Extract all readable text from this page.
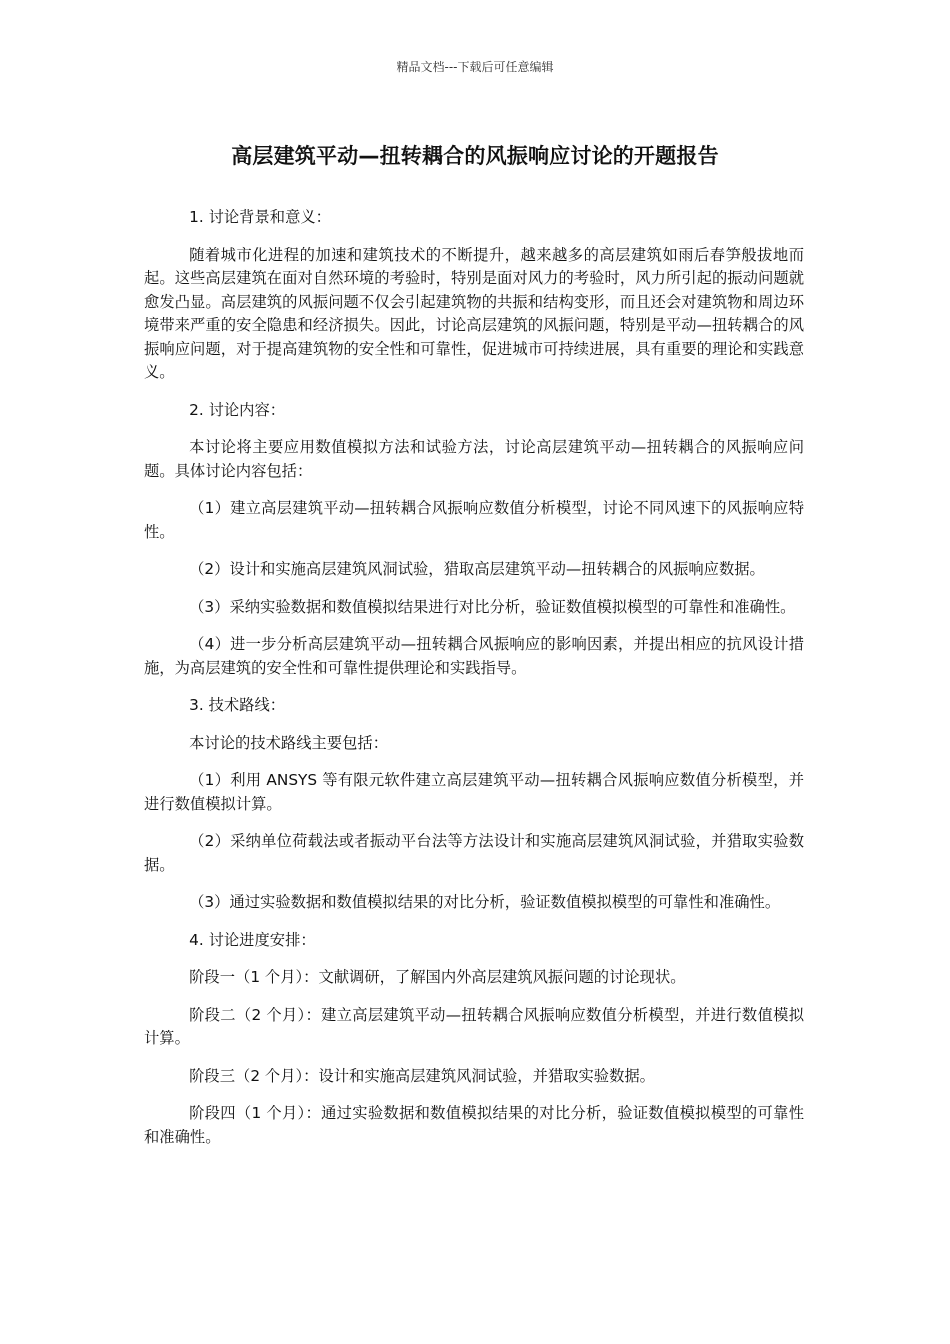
精品文档---下载后可任意编辑
高层建筑平动—扭转耦合的风振响应讨论的开题报告

1. 讨论背景和意义：

随着城市化进程的加速和建筑技术的不断提升，越来越多的高层建筑如雨后春笋般拔地而起。这些高层建筑在面对自然环境的考验时，特别是面对风力的考验时，风力所引起的振动问题就愈发凸显。高层建筑的风振问题不仅会引起建筑物的共振和结构变形，而且还会对建筑物和周边环境带来严重的安全隐患和经济损失。因此，讨论高层建筑的风振问题，特别是平动—扭转耦合的风振响应问题，对于提高建筑物的安全性和可靠性，促进城市可持续进展，具有重要的理论和实践意义。

2. 讨论内容：

本讨论将主要应用数值模拟方法和试验方法，讨论高层建筑平动—扭转耦合的风振响应问题。具体讨论内容包括：

（1）建立高层建筑平动—扭转耦合风振响应数值分析模型，讨论不同风速下的风振响应特性。

（2）设计和实施高层建筑风洞试验，猎取高层建筑平动—扭转耦合的风振响应数据。

（3）采纳实验数据和数值模拟结果进行对比分析，验证数值模拟模型的可靠性和准确性。

（4）进一步分析高层建筑平动—扭转耦合风振响应的影响因素，并提出相应的抗风设计措施，为高层建筑的安全性和可靠性提供理论和实践指导。

3. 技术路线：

本讨论的技术路线主要包括：

（1）利用 ANSYS 等有限元软件建立高层建筑平动—扭转耦合风振响应数值分析模型，并进行数值模拟计算。

（2）采纳单位荷载法或者振动平台法等方法设计和实施高层建筑风洞试验，并猎取实验数据。

（3）通过实验数据和数值模拟结果的对比分析，验证数值模拟模型的可靠性和准确性。

4. 讨论进度安排：

阶段一（1 个月）：文献调研，了解国内外高层建筑风振问题的讨论现状。

阶段二（2 个月）：建立高层建筑平动—扭转耦合风振响应数值分析模型，并进行数值模拟计算。

阶段三（2 个月）：设计和实施高层建筑风洞试验，并猎取实验数据。

阶段四（1 个月）：通过实验数据和数值模拟结果的对比分析，验证数值模拟模型的可靠性和准确性。
